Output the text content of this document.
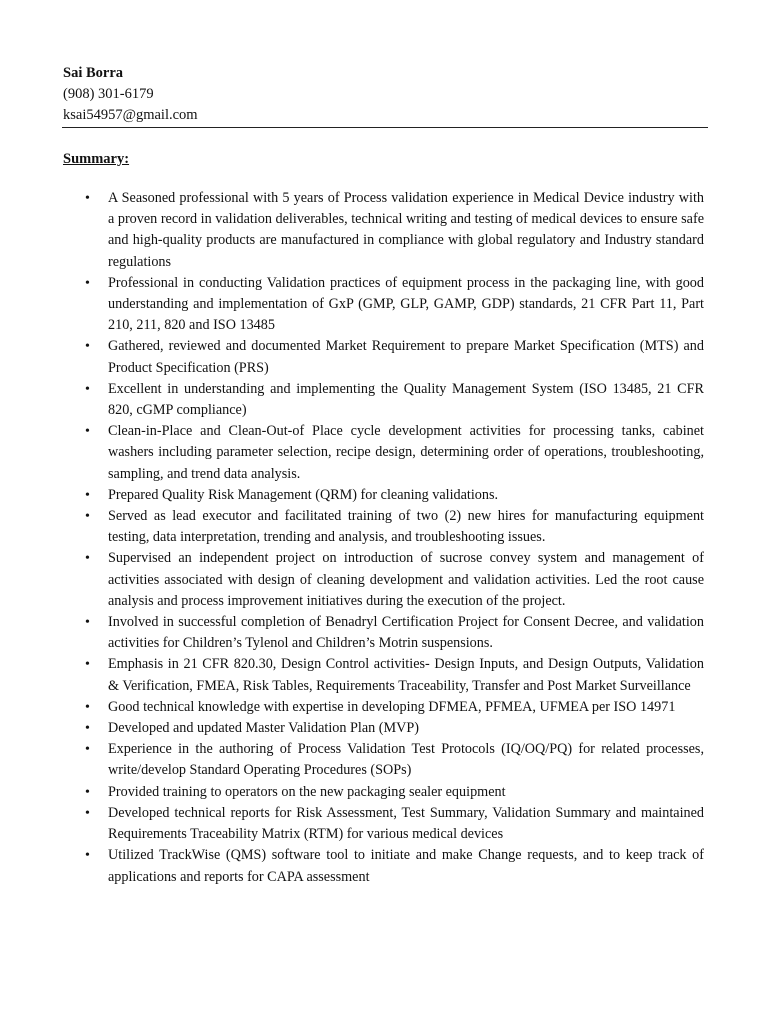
Sai Borra
(908) 301-6179
ksai54957@gmail.com
Summary:
• A Seasoned professional with 5 years of Process validation experience in Medical Device industry with a proven record in validation deliverables, technical writing and testing of medical devices to ensure safe and high-quality products are manufactured in compliance with global regulatory and Industry standard regulations
• Professional in conducting Validation practices of equipment process in the packaging line, with good understanding and implementation of GxP (GMP, GLP, GAMP, GDP) standards, 21 CFR Part 11, Part 210, 211, 820 and ISO 13485
• Gathered, reviewed and documented Market Requirement to prepare Market Specification (MTS) and Product Specification (PRS)
• Excellent in understanding and implementing the Quality Management System (ISO 13485, 21 CFR 820, cGMP compliance)
• Clean-in-Place and Clean-Out-of Place cycle development activities for processing tanks, cabinet washers including parameter selection, recipe design, determining order of operations, troubleshooting, sampling, and trend data analysis.
• Prepared Quality Risk Management (QRM) for cleaning validations.
• Served as lead executor and facilitated training of two (2) new hires for manufacturing equipment testing, data interpretation, trending and analysis, and troubleshooting issues.
• Supervised an independent project on introduction of sucrose convey system and management of activities associated with design of cleaning development and validation activities. Led the root cause analysis and process improvement initiatives during the execution of the project.
• Involved in successful completion of Benadryl Certification Project for Consent Decree, and validation activities for Children’s Tylenol and Children’s Motrin suspensions.
• Emphasis in 21 CFR 820.30, Design Control activities- Design Inputs, and Design Outputs, Validation & Verification, FMEA, Risk Tables, Requirements Traceability, Transfer and Post Market Surveillance
• Good technical knowledge with expertise in developing DFMEA, PFMEA, UFMEA per ISO 14971
• Developed and updated Master Validation Plan (MVP)
• Experience in the authoring of Process Validation Test Protocols (IQ/OQ/PQ) for related processes, write/develop Standard Operating Procedures (SOPs)
• Provided training to operators on the new packaging sealer equipment
• Developed technical reports for Risk Assessment, Test Summary, Validation Summary and maintained Requirements Traceability Matrix (RTM) for various medical devices
• Utilized TrackWise (QMS) software tool to initiate and make Change requests, and to keep track of applications and reports for CAPA assessment
